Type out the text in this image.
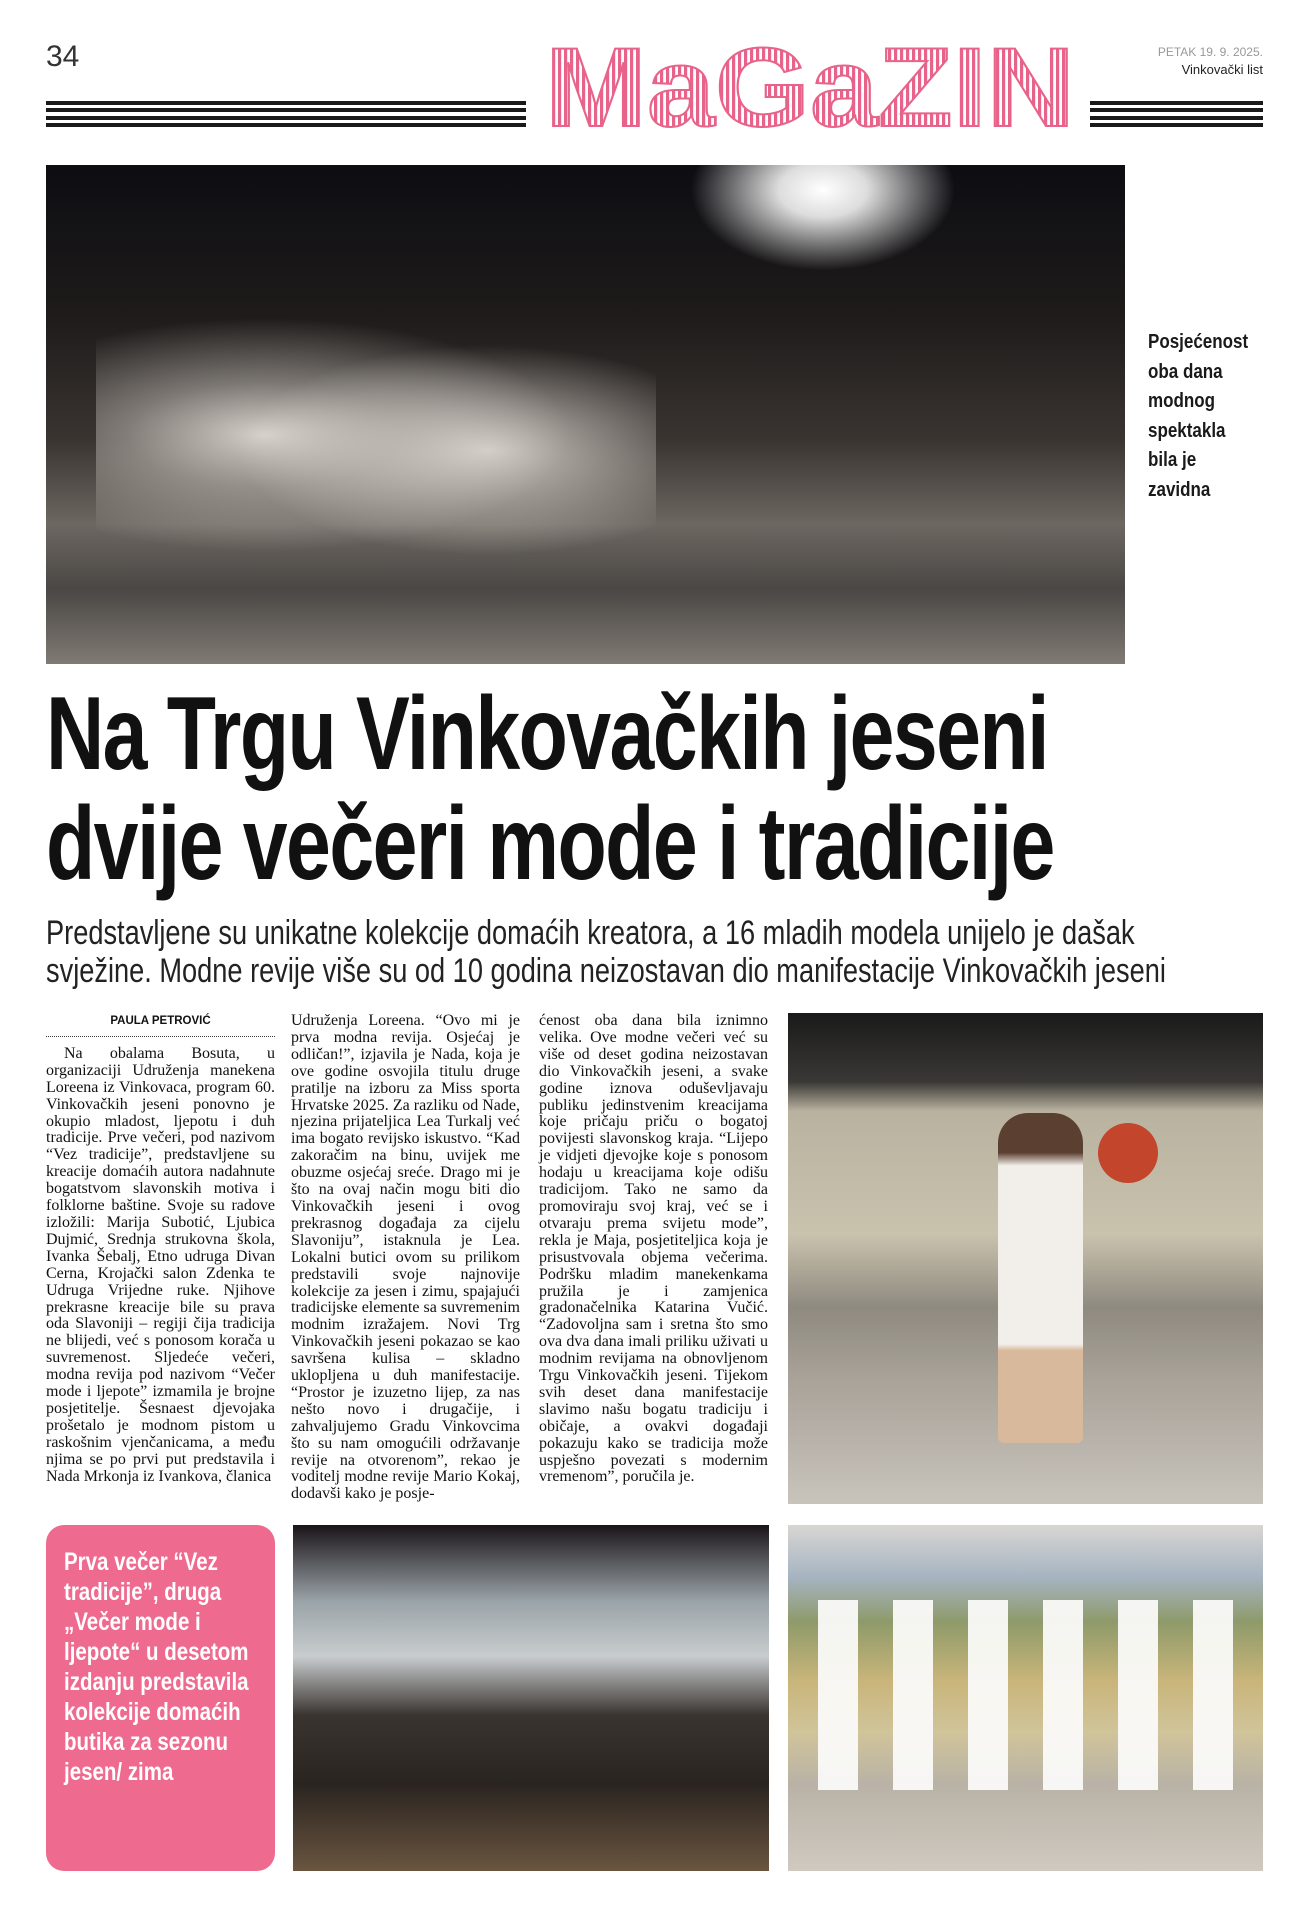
34	PETAK 19. 9. 2025.
Vinkovački list
MaGaZIN
Posjećenost oba dana modnog spektakla bila je zavidna
Na Trgu Vinkovačkih jeseni
dvije večeri mode i tradicije
Predstavljene su unikatne kolekcije domaćih kreatora, a 16 mladih modela unijelo je dašak
svježine. Modne revije više su od 10 godina neizostavan dio manifestacije Vinkovačkih jeseni
PAULA PETROVIĆ

Na obalama Bosuta, u organizaciji Udruženja manekena Loreena iz Vinkovaca, program 60. Vinkovačkih jeseni ponovno je okupio mladost, ljepotu i duh tradicije. Prve večeri, pod nazivom “Vez tradicije”, predstavljene su kreacije domaćih autora nadahnute bogatstvom slavonskih motiva i folklorne baštine. Svoje su radove izložili: Marija Subotić, Ljubica Dujmić, Srednja strukovna škola, Ivanka Šebalj, Etno udruga Divan Cerna, Krojački salon Zdenka te Udruga Vrijedne ruke. Njihove prekrasne kreacije bile su prava oda Slavoniji – regiji čija tradicija ne blijedi, već s ponosom korača u suvremenost. Sljedeće večeri, modna revija pod nazivom “Večer mode i ljepote” izmamila je brojne posjetitelje. Šesnaest djevojaka prošetalo je modnom pistom u raskošnim vjenčanicama, a među njima se po prvi put predstavila i Nada Mrkonja iz Ivankova, članica

Udruženja Loreena. “Ovo mi je prva modna revija. Osjećaj je odličan!”, izjavila je Nada, koja je ove godine osvojila titulu druge pratilje na izboru za Miss sporta Hrvatske 2025. Za razliku od Nade, njezina prijateljica Lea Turkalj već ima bogato revijsko iskustvo. “Kad zakoračim na binu, uvijek me obuzme osjećaj sreće. Drago mi je što na ovaj način mogu biti dio Vinkovačkih jeseni i ovog prekrasnog događaja za cijelu Slavoniju”, istaknula je Lea. Lokalni butici ovom su prilikom predstavili svoje najnovije kolekcije za jesen i zimu, spajajući tradicijske elemente sa suvremenim modnim izražajem. Novi Trg Vinkovačkih jeseni pokazao se kao savršena kulisa – skladno uklopljena u duh manifestacije. “Prostor je izuzetno lijep, za nas nešto novo i drugačije, i zahvaljujemo Gradu Vinkovcima što su nam omogućili održavanje revije na otvorenom”, rekao je voditelj modne revije Mario Kokaj, dodavši kako je posje-
ćenost oba dana bila iznimno velika. Ove modne večeri već su više od deset godina neizostavan dio Vinkovačkih jeseni, a svake godine iznova oduševljavaju publiku jedinstvenim kreacijama koje pričaju priču o bogatoj povijesti slavonskog kraja. “Lijepo je vidjeti djevojke koje s ponosom hodaju u kreacijama koje odišu tradicijom. Tako ne samo da promoviraju svoj kraj, već se i otvaraju prema svijetu mode”, rekla je Maja, posjetiteljica koja je prisustvovala objema večerima. Podršku mladim manekenkama pružila je i zamjenica gradonačelnika Katarina Vučić. “Zadovoljna sam i sretna što smo ova dva dana imali priliku uživati u modnim revijama na obnovljenom Trgu Vinkovačkih jeseni. Tijekom svih deset dana manifestacije slavimo našu bogatu tradiciju i običaje, a ovakvi događaji pokazuju kako se tradicija može uspješno povezati s modernim vremenom”, poručila je.
Prva večer “Vez tradicije”, druga „Večer mode i ljepote“ u desetom izdanju predstavila kolekcije domaćih butika za sezonu jesen/ zima
